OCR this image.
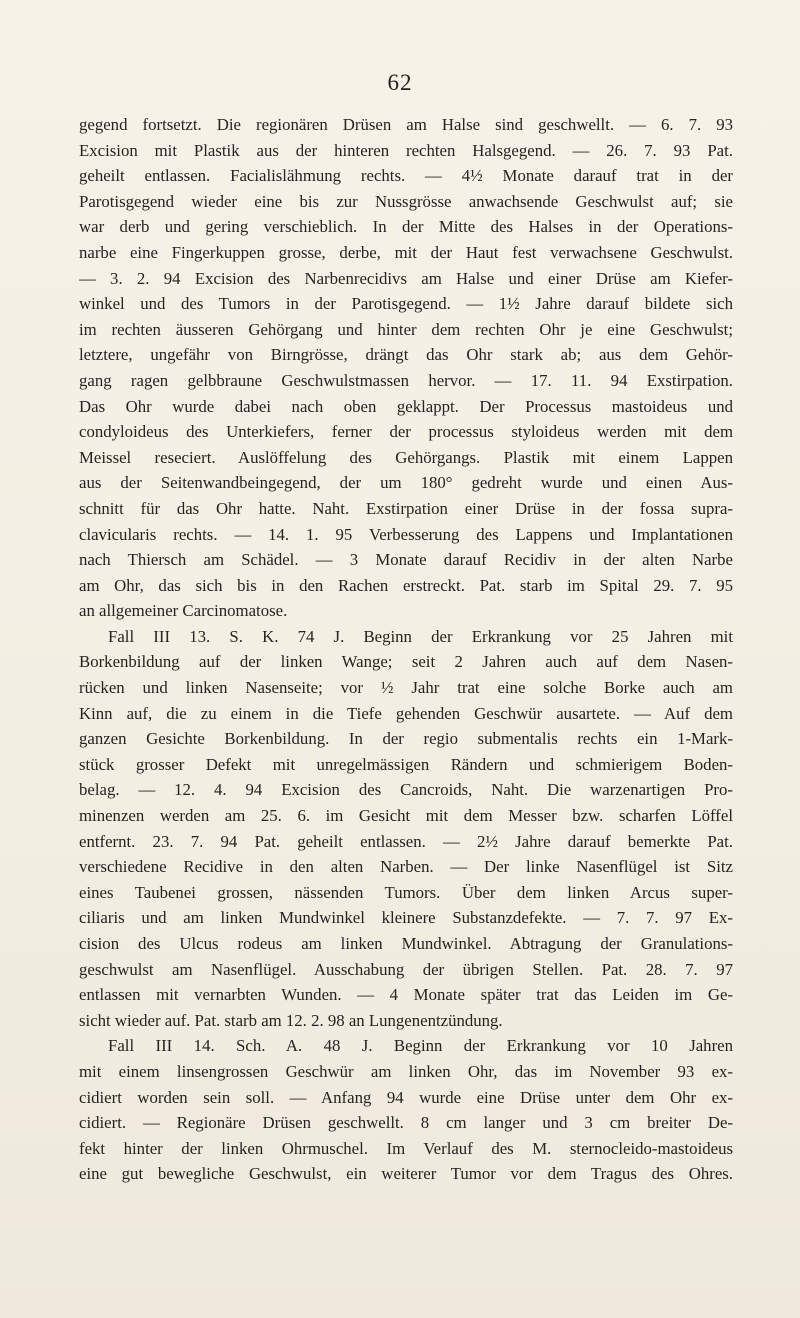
62
gegend fortsetzt. Die regionären Drüsen am Halse sind geschwellt. — 6. 7. 93
Excision mit Plastik aus der hinteren rechten Halsgegend. — 26. 7. 93 Pat.
geheilt entlassen. Facialislähmung rechts. — 4½ Monate darauf trat in der
Parotisgegend wieder eine bis zur Nussgrösse anwachsende Geschwulst auf; sie
war derb und gering verschieblich. In der Mitte des Halses in der Operations-
narbe eine Fingerkuppen grosse, derbe, mit der Haut fest verwachsene Geschwulst.
— 3. 2. 94 Excision des Narbenrecidivs am Halse und einer Drüse am Kiefer-
winkel und des Tumors in der Parotisgegend. — 1½ Jahre darauf bildete sich
im rechten äusseren Gehörgang und hinter dem rechten Ohr je eine Geschwulst;
letztere, ungefähr von Birngrösse, drängt das Ohr stark ab; aus dem Gehör-
gang ragen gelbbraune Geschwulstmassen hervor. — 17. 11. 94 Exstirpation.
Das Ohr wurde dabei nach oben geklappt. Der Processus mastoideus und
condyloideus des Unterkiefers, ferner der processus styloideus werden mit dem
Meissel reseciert. Auslöffelung des Gehörgangs. Plastik mit einem Lappen
aus der Seitenwandbeingegend, der um 180° gedreht wurde und einen Aus-
schnitt für das Ohr hatte. Naht. Exstirpation einer Drüse in der fossa supra-
clavicularis rechts. — 14. 1. 95 Verbesserung des Lappens und Implantationen
nach Thiersch am Schädel. — 3 Monate darauf Recidiv in der alten Narbe
am Ohr, das sich bis in den Rachen erstreckt. Pat. starb im Spital 29. 7. 95
an allgemeiner Carcinomatose.
Fall III 13. S. K. 74 J. Beginn der Erkrankung vor 25 Jahren mit
Borkenbildung auf der linken Wange; seit 2 Jahren auch auf dem Nasen-
rücken und linken Nasenseite; vor ½ Jahr trat eine solche Borke auch am
Kinn auf, die zu einem in die Tiefe gehenden Geschwür ausartete. — Auf dem
ganzen Gesichte Borkenbildung. In der regio submentalis rechts ein 1-Mark-
stück grosser Defekt mit unregelmässigen Rändern und schmierigem Boden-
belag. — 12. 4. 94 Excision des Cancroids, Naht. Die warzenartigen Pro-
minenzen werden am 25. 6. im Gesicht mit dem Messer bzw. scharfen Löffel
entfernt. 23. 7. 94 Pat. geheilt entlassen. — 2½ Jahre darauf bemerkte Pat.
verschiedene Recidive in den alten Narben. — Der linke Nasenflügel ist Sitz
eines Taubenei grossen, nässenden Tumors. Über dem linken Arcus super-
ciliaris und am linken Mundwinkel kleinere Substanzdefekte. — 7. 7. 97 Ex-
cision des Ulcus rodeus am linken Mundwinkel. Abtragung der Granulations-
geschwulst am Nasenflügel. Ausschabung der übrigen Stellen. Pat. 28. 7. 97
entlassen mit vernarbten Wunden. — 4 Monate später trat das Leiden im Ge-
sicht wieder auf. Pat. starb am 12. 2. 98 an Lungenentzündung.
Fall III 14. Sch. A. 48 J. Beginn der Erkrankung vor 10 Jahren
mit einem linsengrossen Geschwür am linken Ohr, das im November 93 ex-
cidiert worden sein soll. — Anfang 94 wurde eine Drüse unter dem Ohr ex-
cidiert. — Regionäre Drüsen geschwellt. 8 cm langer und 3 cm breiter De-
fekt hinter der linken Ohrmuschel. Im Verlauf des M. sternocleido-mastoideus
eine gut bewegliche Geschwulst, ein weiterer Tumor vor dem Tragus des Ohres.
